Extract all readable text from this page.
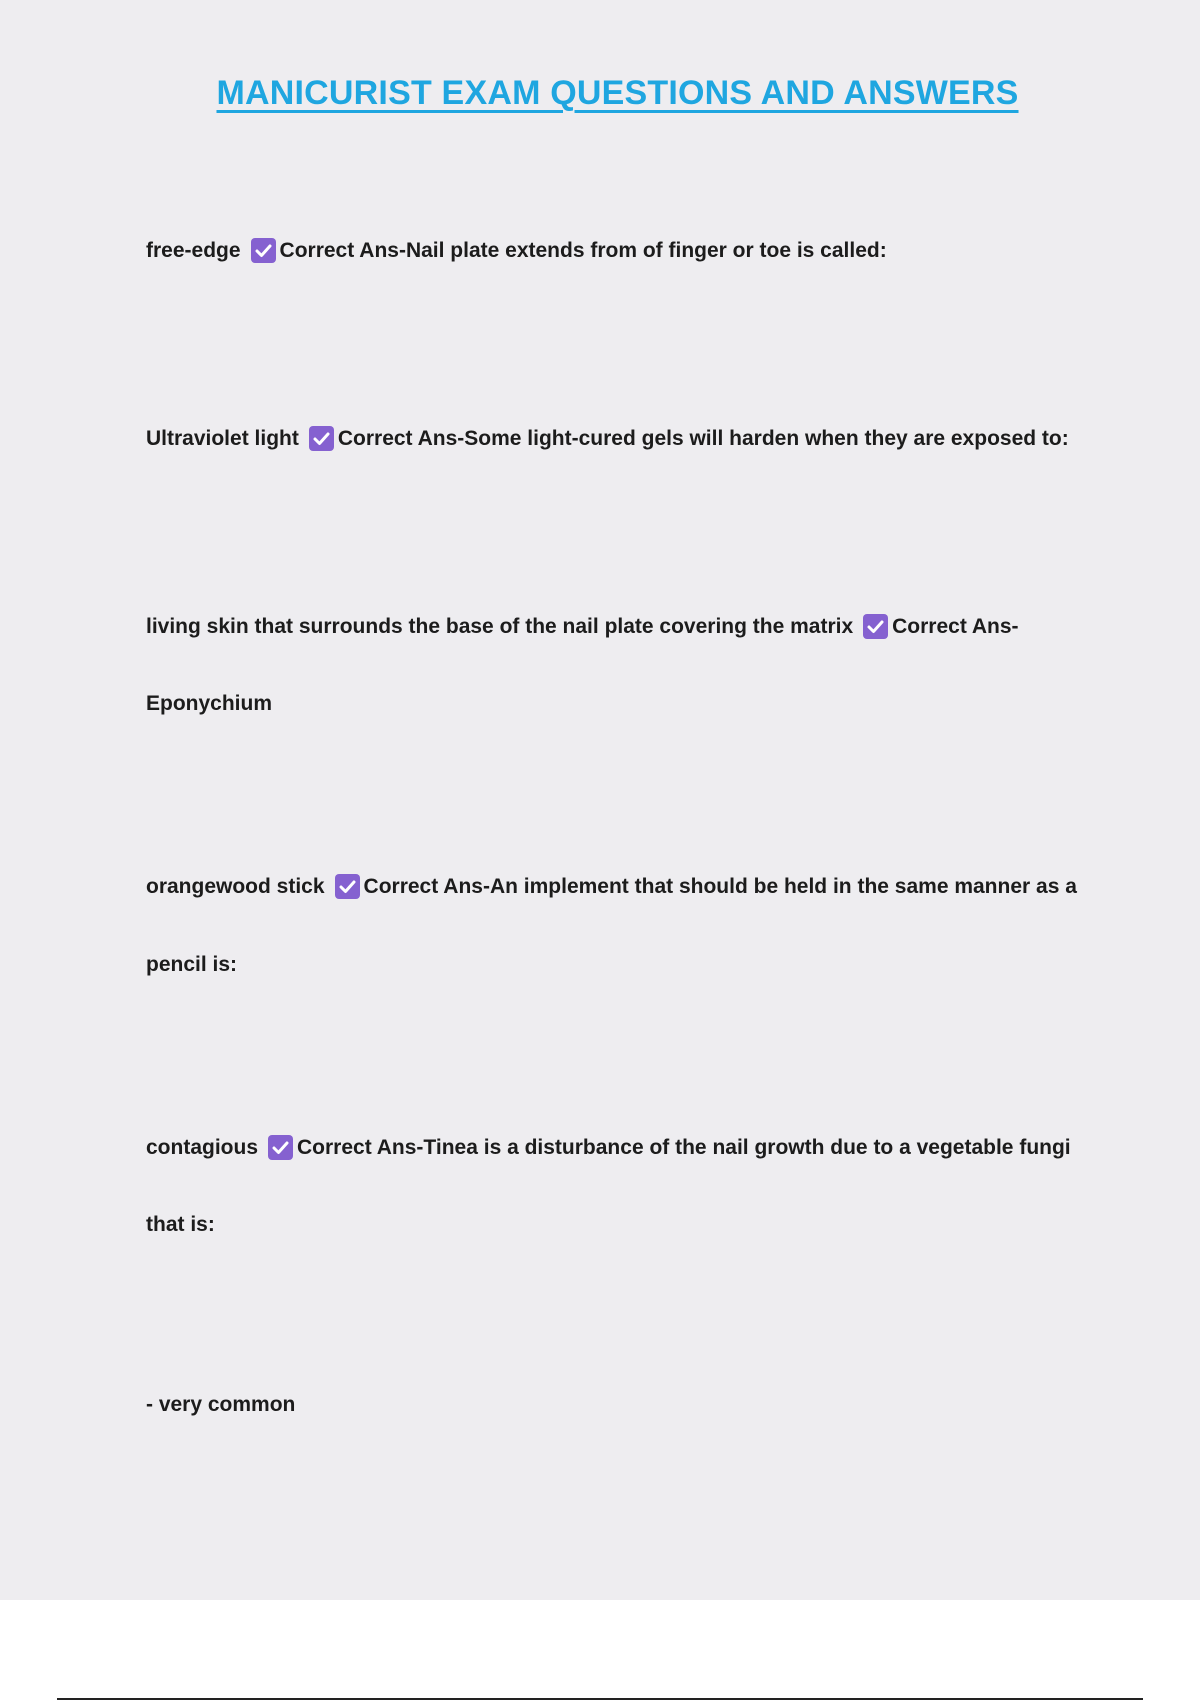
MANICURIST EXAM QUESTIONS AND ANSWERS
free-edge Correct Ans-Nail plate extends from of finger or toe is called:
Ultraviolet light Correct Ans-Some light-cured gels will harden when they are exposed to:
living skin that surrounds the base of the nail plate covering the matrix Correct Ans-
Eponychium
orangewood stick Correct Ans-An implement that should be held in the same manner as a
pencil is:
contagious Correct Ans-Tinea is a disturbance of the nail growth due to a vegetable fungi
that is:
- very common
